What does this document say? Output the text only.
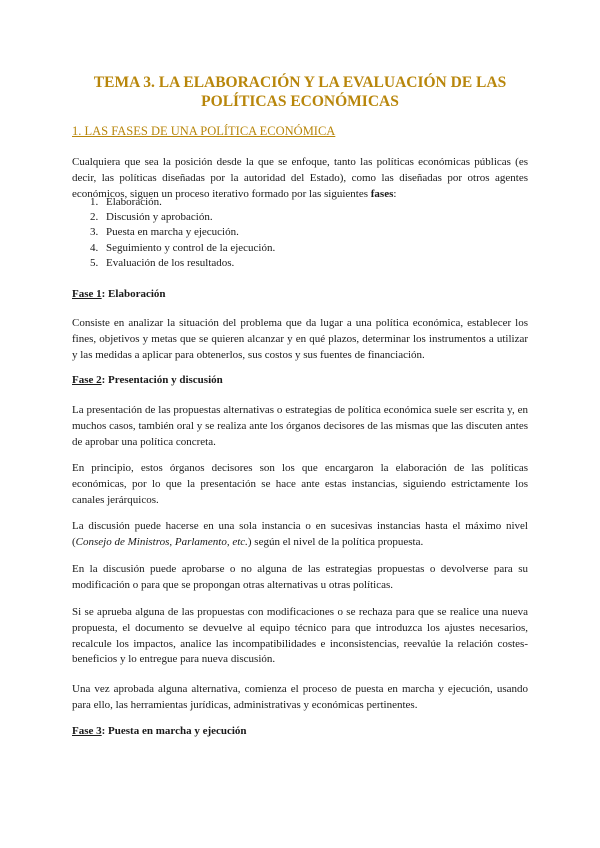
TEMA 3. LA ELABORACIÓN Y LA EVALUACIÓN DE LAS
POLÍTICAS ECONÓMICAS
1. LAS FASES DE UNA POLÍTICA ECONÓMICA

Cualquiera que sea la posición desde la que se enfoque, tanto las políticas económicas públicas (es decir, las políticas diseñadas por la autoridad del Estado), como las diseñadas por otros agentes económicos, siguen un proceso iterativo formado por las siguientes fases:

1. Elaboración.
2. Discusión y aprobación.
3. Puesta en marcha y ejecución.
4. Seguimiento y control de la ejecución.
5. Evaluación de los resultados.
Fase 1: Elaboración

Consiste en analizar la situación del problema que da lugar a una política económica, establecer los fines, objetivos y metas que se quieren alcanzar y en qué plazos, determinar los instrumentos a utilizar y las medidas a aplicar para obtenerlos, sus costos y sus fuentes de financiación.

Fase 2: Presentación y discusión

La presentación de las propuestas alternativas o estrategias de política económica suele ser escrita y, en muchos casos, también oral y se realiza ante los órganos decisores de las mismas que las discuten antes de aprobar una política concreta.

En principio, estos órganos decisores son los que encargaron la elaboración de las políticas económicas, por lo que la presentación se hace ante estas instancias, siguiendo estrictamente los canales jerárquicos.

La discusión puede hacerse en una sola instancia o en sucesivas instancias hasta el máximo nivel (Consejo de Ministros, Parlamento, etc.) según el nivel de la política propuesta.

En la discusión puede aprobarse o no alguna de las estrategias propuestas o devolverse para su modificación o para que se propongan otras alternativas u otras políticas.

Si se aprueba alguna de las propuestas con modificaciones o se rechaza para que se realice una nueva propuesta, el documento se devuelve al equipo técnico para que introduzca los ajustes necesarios, recalcule los impactos, analice las incompatibilidades e inconsistencias, reevalúe la relación costes-beneficios y lo entregue para nueva discusión.

Una vez aprobada alguna alternativa, comienza el proceso de puesta en marcha y ejecución, usando para ello, las herramientas jurídicas, administrativas y económicas pertinentes.

Fase 3: Puesta en marcha y ejecución
